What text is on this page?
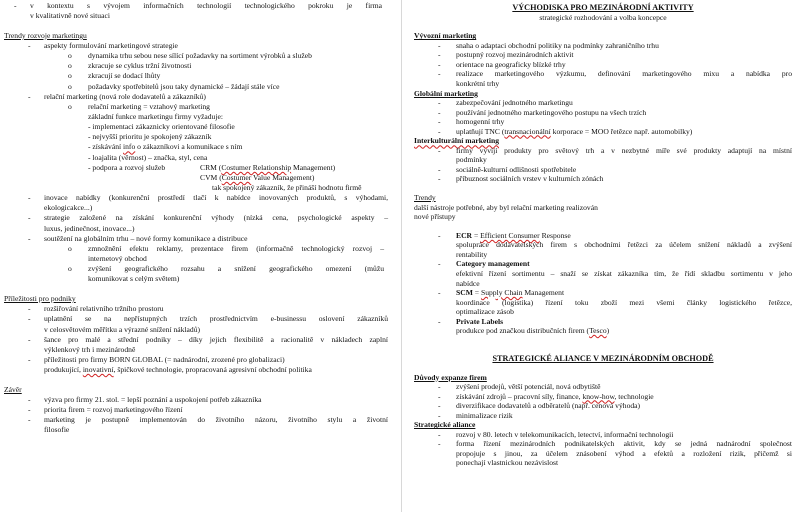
- v kontextu s vývojem informačních technologií technologického pokroku je firma
v kvalitativně nové situaci
Trendy rozvoje marketingu
- aspekty formulování marketingové strategie
o dynamika trhu sebou nese sílící požadavky na sortiment výrobků a služeb
o zkracuje se cyklus tržní životnosti
o zkracují se dodací lhůty
o požadavky spotřebitelů jsou taky dynamické – žádají stále více
- relační marketing (nová role dodavatelů a zákazníků)
o relační marketing = vztahový marketing
základní funkce marketingu firmy vyžaduje:
- implementaci zákaznicky orientované filosofie
- nejvyšší prioritu je spokojený zákazník
- získávání info o zákazníkovi a komunikace s ním
- loajalita (věrnost) – značka, styl, cena
- podpora a rozvoj služeb	CRM (Costumer Relationship Management)
CVM (Costumer Value Management)
tak spokojený zákazník, že přináší hodnotu firmě
- inovace nabídky (konkurenční prostředí tlačí k nabídce inovovaných produktů, s výhodami,
ekologicakce...)
- strategie založené na získání konkurenční výhody (nízká cena, psychologické aspekty –
luxus, jedinečnost, inovace...)
- soutěžení na globálním trhu – nové formy komunikace a distribuce
o zmnožnění efektu reklamy, prezentace firem (informačně technologický rozvoj –
internetový obchod
o zvýšení geografického rozsahu a snížení geografického omezení (můžu
komunikovat s celým světem)
Příležitosti pro podniky
- rozšiřování relativního tržního prostoru
- uplatnění se na nepřístupných trzích prostřednictvím e-businessu oslovení zákazníků
v celosvětovém měřítku a výrazné snížení nákladů)
- šance pro malé a střední podniky – díky jejich flexibilitě a racionalitě v nákladech zaplní
výklenkový trh i mezinárodně
- příležitosti pro firmy BORN GLOBAL (= nadnárodní, zrozené pro globalizaci)
produkující, inovativní, špičkové technologie, propracovaná agresivní obchodní politika
Závěr
- výzva pro firmy 21. stol. = lepší poznání a uspokojení potřeb zákazníka
- priorita firem = rozvoj marketingového řízení
- marketing je postupně implementován do životního názoru, životního stylu a životní
filosofie
VÝCHODISKA PRO MEZINÁRODNÍ AKTIVITY
strategické rozhodování a volba koncepce
Vývozní marketing
- snaha o adaptaci obchodní politiky na podmínky zahraničního trhu
- postupný rozvoj mezinárodních aktivit
- orientace na geograficky blízké trhy
- realizace marketingového výzkumu, definování marketingového mixu a nabídka pro
konkrétní trhy
Globální marketing
- zabezpečování jednotného marketingu
- používání jednotného marketingového postupu na všech trzích
- homogenní trhy
- uplatňují TNC (transnacionální korporace = MOO řetězce např. automobilky)
Interkulturální marketing
- firmy vyvíjí produkty pro světový trh a v nezbytné míře své produkty adaptují na místní
podmínky
- sociálně-kulturní odlišnosti spotřebitele
- příbuznost sociálních vrstev v kulturních zónách
Trendy
další nástroje potřebné, aby byl relační marketing realizován
nové přístupy
- ECR = Efficient Consumer Response
spolupráce dodavatelských firem s obchodními řetězci za účelem snížení nákladů a zvýšení
rentability
- Category management
efektivní řízení sortimentu – snaží se získat zákazníka tím, že řídí skladbu sortimentu v jeho
nabídce
- SCM = Supply Chain Management
koordinace (logistika) řízení toku zboží mezi všemi články logistického řetězce,
optimalizace zásob
- Private Labels
produkce pod značkou distribučních firem (Tesco)
STRATEGICKÉ ALIANCE V MEZINÁRODNÍM OBCHODĚ
Důvody expanze firem
- zvýšení prodejů, větší potenciál, nová odbytiště
- získávání zdrojů – pracovní síly, finance, know-how, technologie
- diverzifikace dodavatelů a odběratelů (např. cenová výhoda)
- minimalizace rizik
Strategické aliance
- rozvoj v 80. letech v telekomunikacích, letectví, informační technologii
- forma řízení mezinárodních podnikatelských aktivit, kdy se jedná nadnárodní společnost
propojuje s jinou, za účelem znásobení výhod a efektů a rozložení rizik, přičemž si
ponechají vlastnickou nezávislost
